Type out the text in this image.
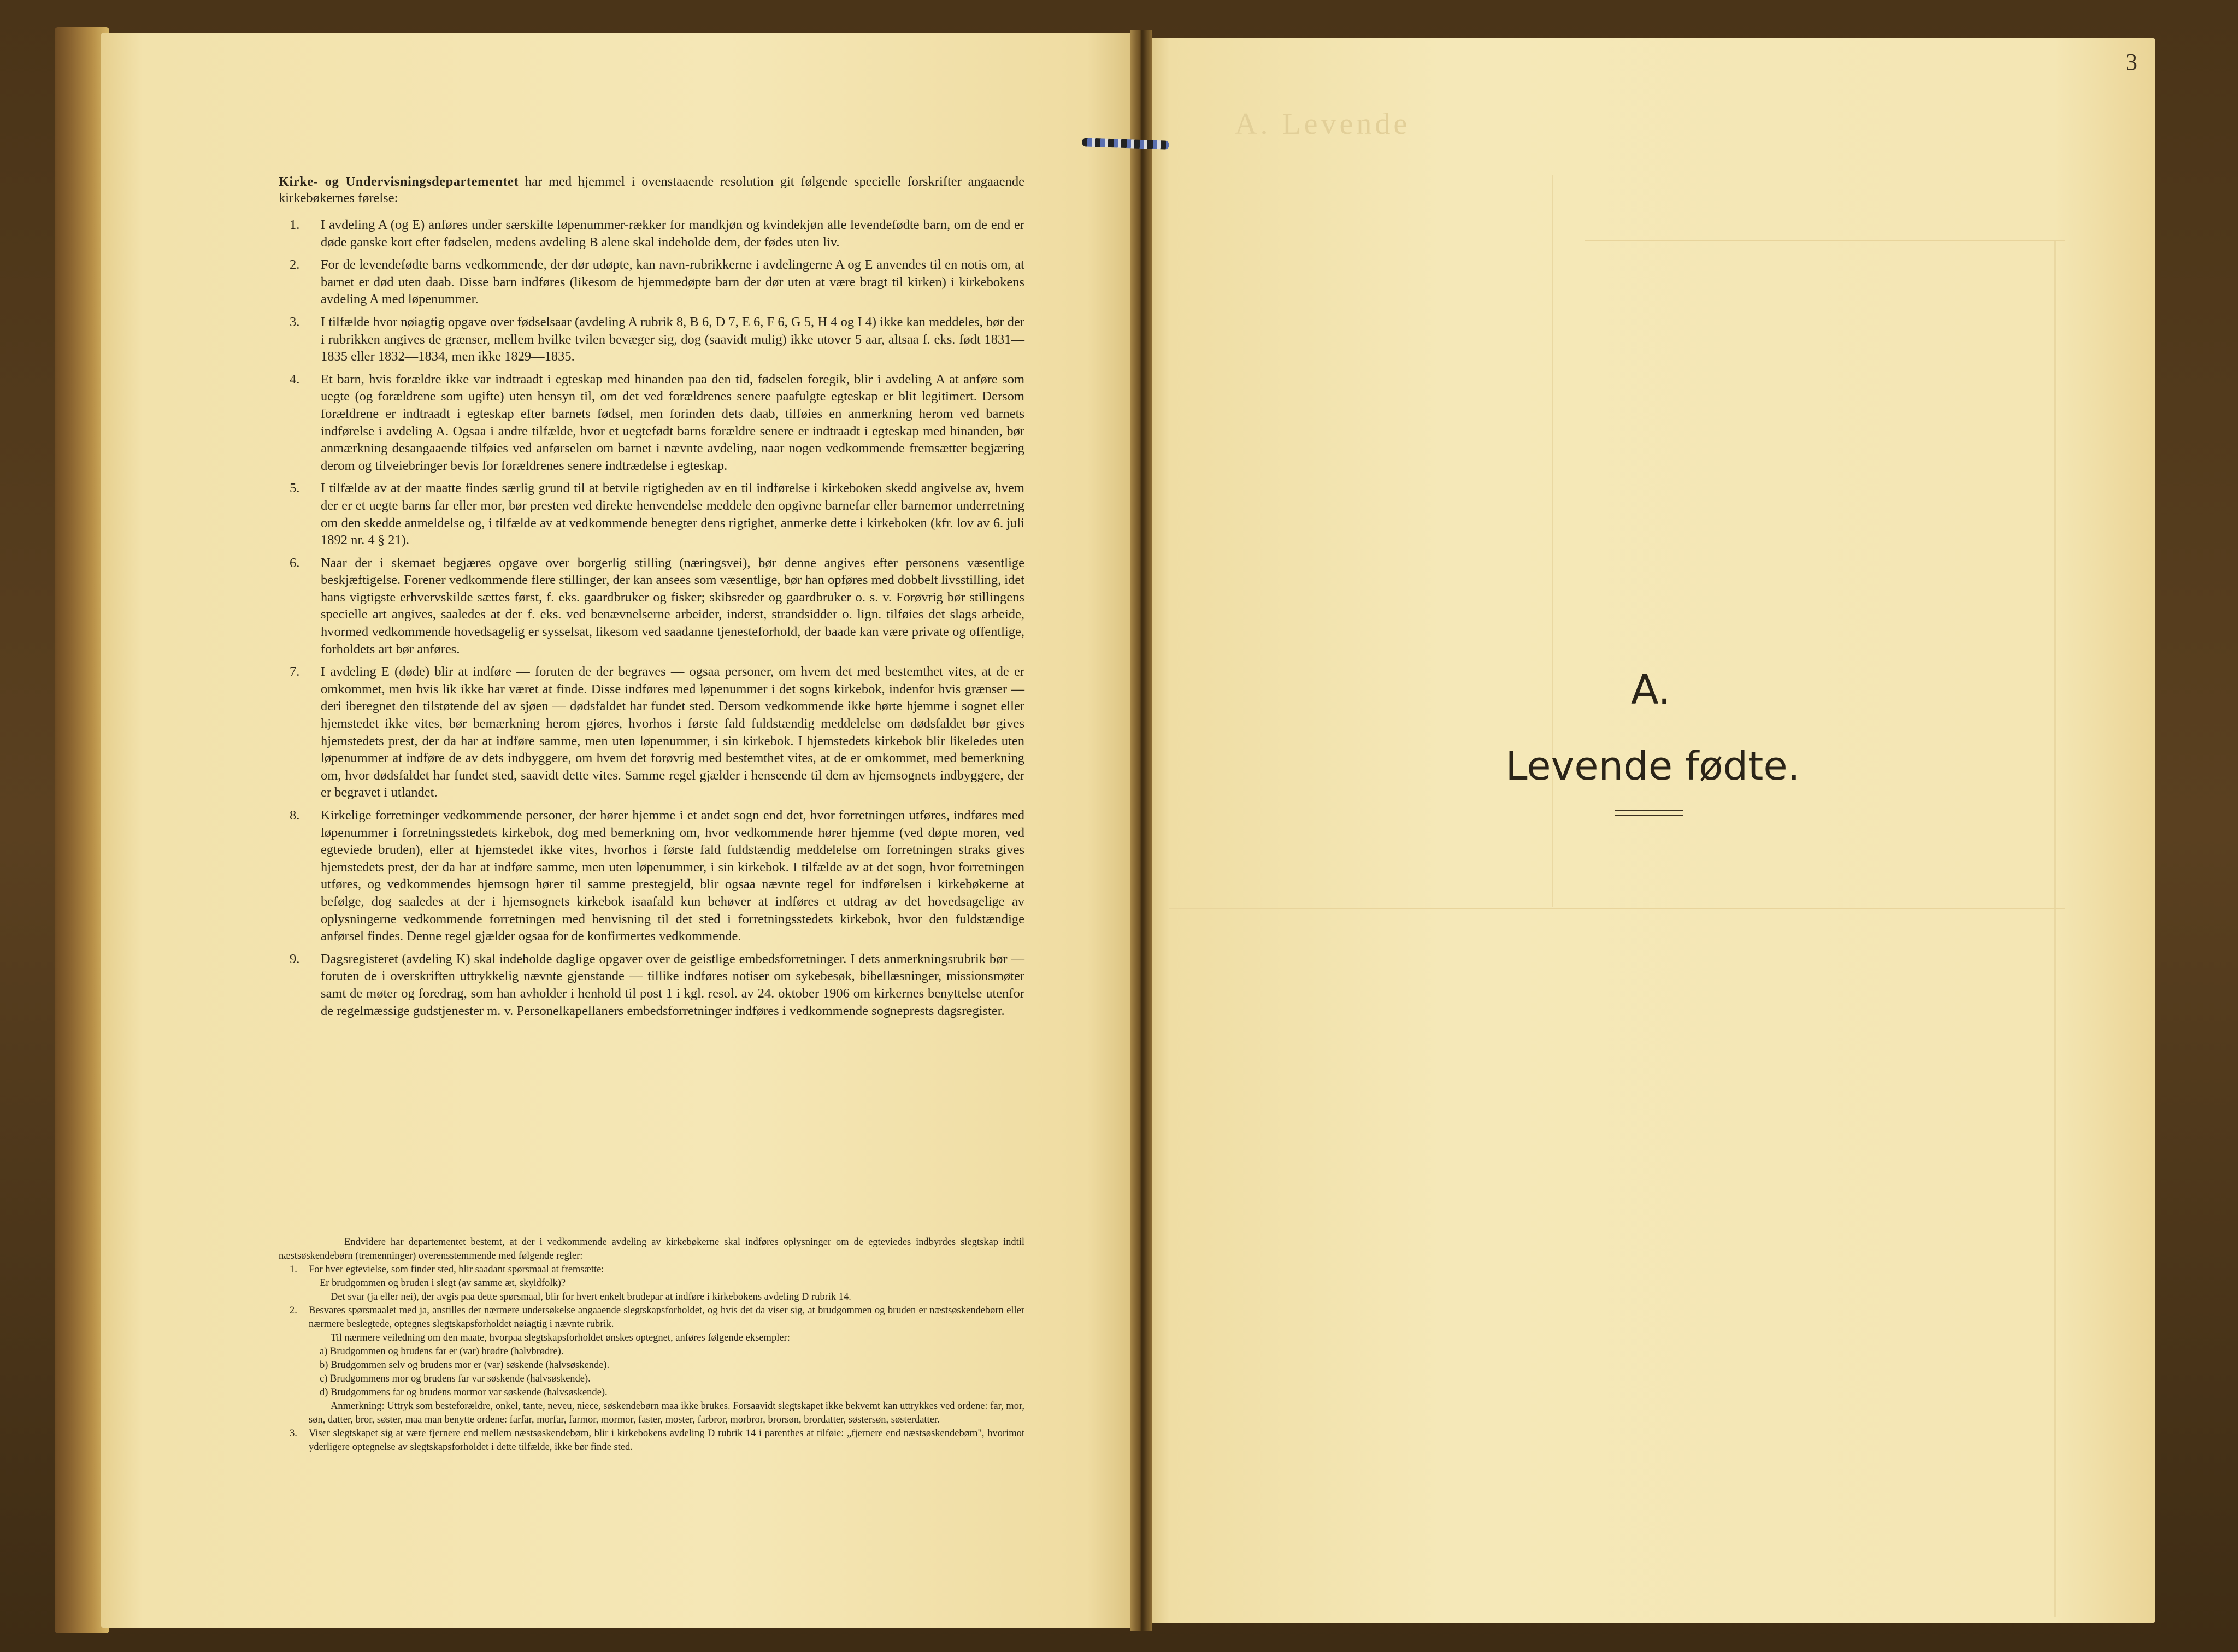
3
A. Levende
Kirke- og Undervisningsdepartementet har med hjemmel i ovenstaaende resolution git følgende specielle forskrifter angaaende kirkebøkernes førelse:
1. I avdeling A (og E) anføres under særskilte løpenummer-rækker for mandkjøn og kvindekjøn alle levendefødte barn, om de end er døde ganske kort efter fødselen, medens avdeling B alene skal indeholde dem, der fødes uten liv.
2. For de levendefødte barns vedkommende, der dør udøpte, kan navn-rubrikkerne i avdelingerne A og E anvendes til en notis om, at barnet er død uten daab. Disse barn indføres (likesom de hjemmedøpte barn der dør uten at være bragt til kirken) i kirkebokens avdeling A med løpenummer.
3. I tilfælde hvor nøiagtig opgave over fødselsaar (avdeling A rubrik 8, B 6, D 7, E 6, F 6, G 5, H 4 og I 4) ikke kan meddeles, bør der i rubrikken angives de grænser, mellem hvilke tvilen bevæger sig, dog (saavidt mulig) ikke utover 5 aar, altsaa f. eks. født 1831—1835 eller 1832—1834, men ikke 1829—1835.
4. Et barn, hvis forældre ikke var indtraadt i egteskap med hinanden paa den tid, fødselen foregik, blir i avdeling A at anføre som uegte (og forældrene som ugifte) uten hensyn til, om det ved forældrenes senere paafulgte egteskap er blit legitimert. Dersom forældrene er indtraadt i egteskap efter barnets fødsel, men forinden dets daab, tilføies en anmerkning herom ved barnets indførelse i avdeling A. Ogsaa i andre tilfælde, hvor et uegtefødt barns forældre senere er indtraadt i egteskap med hinanden, bør anmærkning desangaaende tilføies ved anførselen om barnet i nævnte avdeling, naar nogen vedkommende fremsætter begjæring derom og tilveiebringer bevis for forældrenes senere indtrædelse i egteskap.
5. I tilfælde av at der maatte findes særlig grund til at betvile rigtigheden av en til indførelse i kirkeboken skedd angivelse av, hvem der er et uegte barns far eller mor, bør presten ved direkte henvendelse meddele den opgivne barnefar eller barnemor underretning om den skedde anmeldelse og, i tilfælde av at vedkommende benegter dens rigtighet, anmerke dette i kirkeboken (kfr. lov av 6. juli 1892 nr. 4 § 21).
6. Naar der i skemaet begjæres opgave over borgerlig stilling (næringsvei), bør denne angives efter personens væsentlige beskjæftigelse. Forener vedkommende flere stillinger, der kan ansees som væsentlige, bør han opføres med dobbelt livsstilling, idet hans vigtigste erhvervskilde sættes først, f. eks. gaardbruker og fisker; skibsreder og gaardbruker o. s. v. Forøvrig bør stillingens specielle art angives, saaledes at der f. eks. ved benævnelserne arbeider, inderst, strandsidder o. lign. tilføies det slags arbeide, hvormed vedkommende hovedsagelig er sysselsat, likesom ved saadanne tjenesteforhold, der baade kan være private og offentlige, forholdets art bør anføres.
7. I avdeling E (døde) blir at indføre — foruten de der begraves — ogsaa personer, om hvem det med bestemthet vites, at de er omkommet, men hvis lik ikke har været at finde. Disse indføres med løpenummer i det sogns kirkebok, indenfor hvis grænser — deri iberegnet den tilstøtende del av sjøen — dødsfaldet har fundet sted. Dersom vedkommende ikke hørte hjemme i sognet eller hjemstedet ikke vites, bør bemærkning herom gjøres, hvorhos i første fald fuldstændig meddelelse om dødsfaldet bør gives hjemstedets prest, der da har at indføre samme, men uten løpenummer, i sin kirkebok. I hjemstedets kirkebok blir likeledes uten løpenummer at indføre de av dets indbyggere, om hvem det forøvrig med bestemthet vites, at de er omkommet, med bemerkning om, hvor dødsfaldet har fundet sted, saavidt dette vites. Samme regel gjælder i henseende til dem av hjemsognets indbyggere, der er begravet i utlandet.
8. Kirkelige forretninger vedkommende personer, der hører hjemme i et andet sogn end det, hvor forretningen utføres, indføres med løpenummer i forretningsstedets kirkebok, dog med bemerkning om, hvor vedkommende hører hjemme (ved døpte moren, ved egteviede bruden), eller at hjemstedet ikke vites, hvorhos i første fald fuldstændig meddelelse om forretningen straks gives hjemstedets prest, der da har at indføre samme, men uten løpenummer, i sin kirkebok. I tilfælde av at det sogn, hvor forretningen utføres, og vedkommendes hjemsogn hører til samme prestegjeld, blir ogsaa nævnte regel for indførelsen i kirkebøkerne at befølge, dog saaledes at der i hjemsognets kirkebok isaafald kun behøver at indføres et utdrag av det hovedsagelige av oplysningerne vedkommende forretningen med henvisning til det sted i forretningsstedets kirkebok, hvor den fuldstændige anførsel findes. Denne regel gjælder ogsaa for de konfirmertes vedkommende.
9. Dagsregisteret (avdeling K) skal indeholde daglige opgaver over de geistlige embedsforretninger. I dets anmerkningsrubrik bør — foruten de i overskriften uttrykkelig nævnte gjenstande — tillike indføres notiser om sykebesøk, bibellæsninger, missionsmøter samt de møter og foredrag, som han avholder i henhold til post 1 i kgl. resol. av 24. oktober 1906 om kirkernes benyttelse utenfor de regelmæssige gudstjenester m. v. Personelkapellaners embedsforretninger indføres i vedkommende sogneprests dagsregister.

Endvidere har departementet bestemt, at der i vedkommende avdeling av kirkebøkerne skal indføres oplysninger om de egteviedes indbyrdes slegtskap indtil næstsøskendebørn (tremenninger) overensstemmende med følgende regler:

1. For hver egtevielse, som finder sted, blir saadant spørsmaal at fremsætte:

Er brudgommen og bruden i slegt (av samme æt, skyldfolk)?

Det svar (ja eller nei), der avgis paa dette spørsmaal, blir for hvert enkelt brudepar at indføre i kirkebokens avdeling D rubrik 14.

2. Besvares spørsmaalet med ja, anstilles der nærmere undersøkelse angaaende slegtskapsforholdet, og hvis det da viser sig, at brudgommen og bruden er næstsøskendebørn eller nærmere beslegtede, optegnes slegtskapsforholdet nøiagtig i nævnte rubrik.

Til nærmere veiledning om den maate, hvorpaa slegtskapsforholdet ønskes optegnet, anføres følgende eksempler:

a) Brudgommen og brudens far er (var) brødre (halvbrødre).

b) Brudgommen selv og brudens mor er (var) søskende (halvsøskende).

c) Brudgommens mor og brudens far var søskende (halvsøskende).

d) Brudgommens far og brudens mormor var søskende (halvsøskende).

Anmerkning: Uttryk som besteforældre, onkel, tante, neveu, niece, søskendebørn maa ikke brukes. Forsaavidt slegtskapet ikke bekvemt kan uttrykkes ved ordene: far, mor, søn, datter, bror, søster, maa man benytte ordene: farfar, morfar, farmor, mormor, faster, moster, farbror, morbror, brorsøn, brordatter, søstersøn, søsterdatter.

3. Viser slegtskapet sig at være fjernere end mellem næstsøskendebørn, blir i kirkebokens avdeling D rubrik 14 i parenthes at tilføie: „fjernere end næstsøskendebørn", hvorimot yderligere optegnelse av slegtskapsforholdet i dette tilfælde, ikke bør finde sted.

A.
Levende fødte.
